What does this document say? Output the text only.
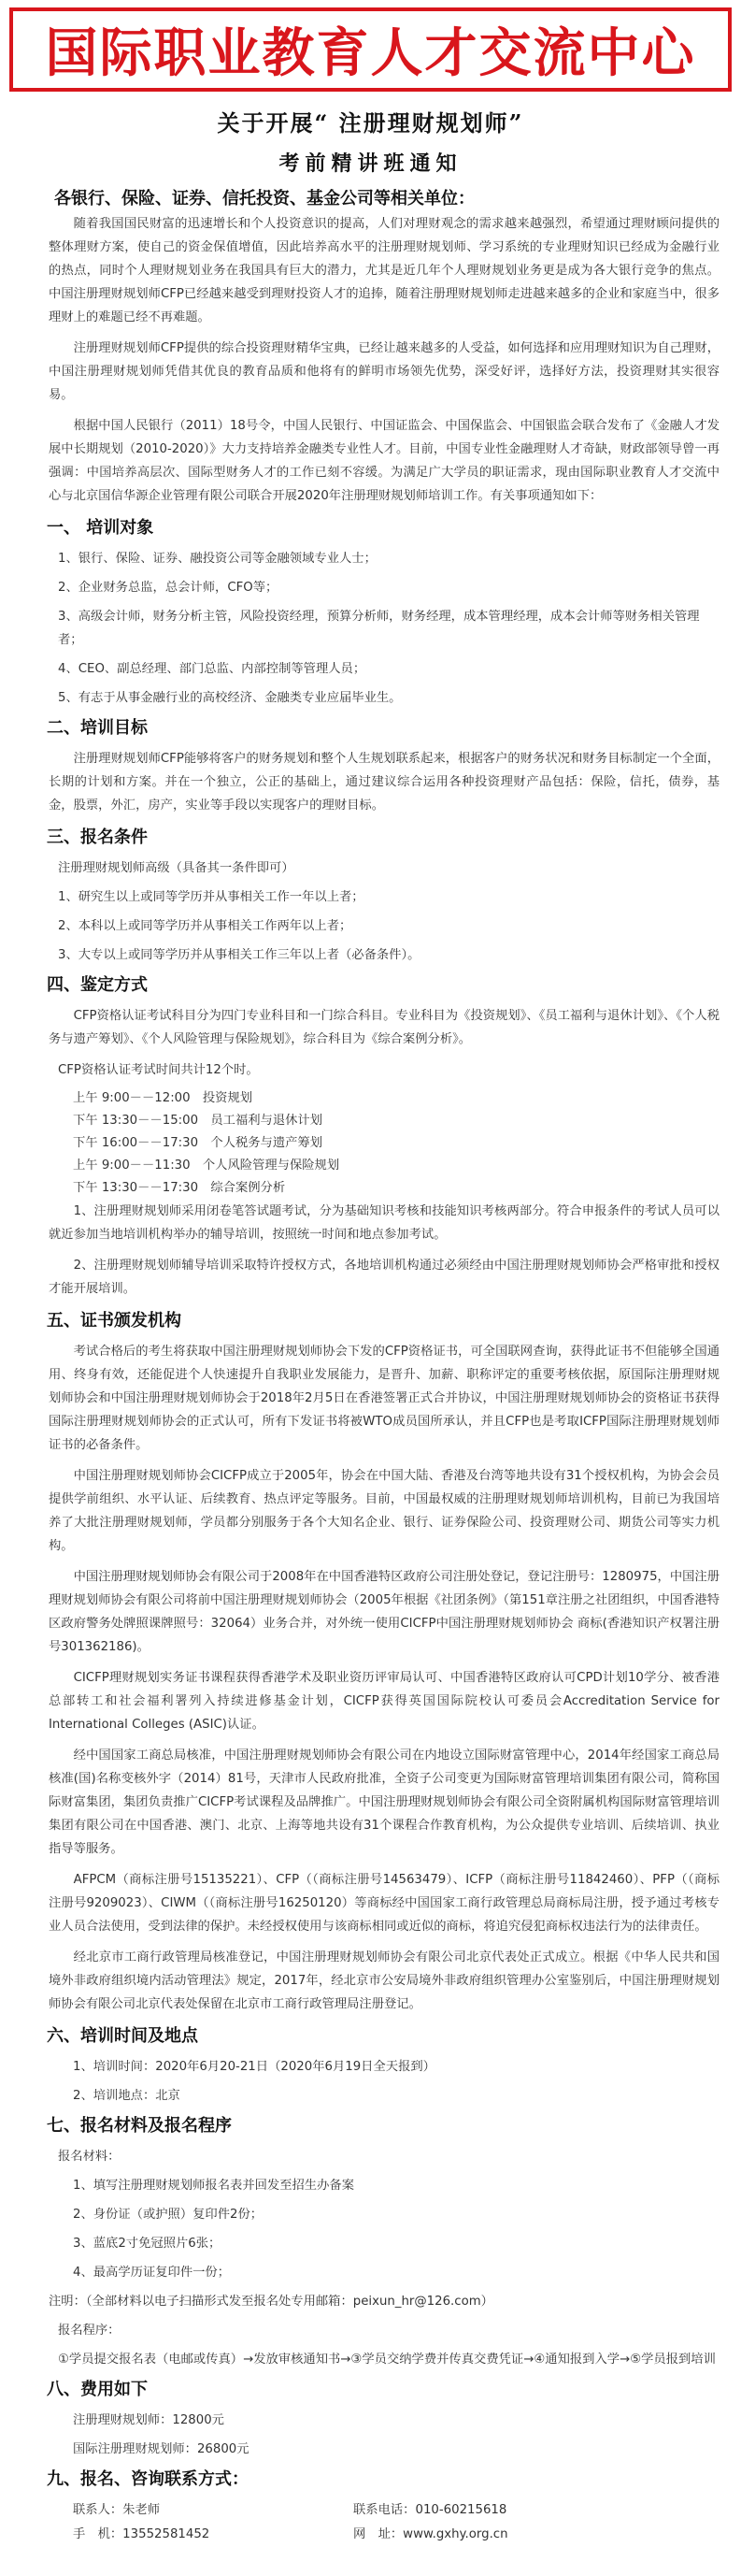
国际职业教育人才交流中心
关于开展“ 注册理财规划师”
考前精讲班通知
各银行、保险、证券、信托投资、基金公司等相关单位：

随着我国国民财富的迅速增长和个人投资意识的提高，人们对理财观念的需求越来越强烈，希望通过理财顾问提供的整体理财方案，使自己的资金保值增值，因此培养高水平的注册理财规划师、学习系统的专业理财知识已经成为金融行业的热点，同时个人理财规划业务在我国具有巨大的潜力，尤其是近几年个人理财规划业务更是成为各大银行竞争的焦点。中国注册理财规划师CFP已经越来越受到理财投资人才的追捧，随着注册理财规划师走进越来越多的企业和家庭当中，很多理财上的难题已经不再难题。

注册理财规划师CFP提供的综合投资理财精华宝典，已经让越来越多的人受益，如何选择和应用理财知识为自己理财，中国注册理财规划师凭借其优良的教育品质和他将有的鲜明市场领先优势，深受好评，选择好方法，投资理财其实很容易。

根据中国人民银行（2011）18号令，中国人民银行、中国证监会、中国保监会、中国银监会联合发布了《金融人才发展中长期规划（2010-2020）》大力支持培养金融类专业性人才。目前，中国专业性金融理财人才奇缺，财政部领导曾一再强调：中国培养高层次、国际型财务人才的工作已刻不容缓。为满足广大学员的职证需求，现由国际职业教育人才交流中心与北京国信华源企业管理有限公司联合开展2020年注册理财规划师培训工作。有关事项通知如下：

一、 培训对象
1、银行、保险、证券、融投资公司等金融领域专业人士；
2、企业财务总监，总会计师，CFO等；
3、高级会计师，财务分析主管，风险投资经理，预算分析师，财务经理，成本管理经理，成本会计师等财务相关管理者；
4、CEO、副总经理、部门总监、内部控制等管理人员；
5、有志于从事金融行业的高校经济、金融类专业应届毕业生。
二、培训目标

注册理财规划师CFP能够将客户的财务规划和整个人生规划联系起来，根据客户的财务状况和财务目标制定一个全面，长期的计划和方案。并在一个独立，公正的基础上，通过建议综合运用各种投资理财产品包括：保险，信托，债券，基金，股票，外汇，房产，实业等手段以实现客户的理财目标。

三、报名条件
注册理财规划师高级（具备其一条件即可）
1、研究生以上或同等学历并从事相关工作一年以上者；
2、本科以上或同等学历并从事相关工作两年以上者；
3、大专以上或同等学历并从事相关工作三年以上者（必备条件）。
四、鉴定方式

CFP资格认证考试科目分为四门专业科目和一门综合科目。专业科目为《投资规划》、《员工福利与退休计划》、《个人税务与遗产筹划》、《个人风险管理与保险规划》，综合科目为《综合案例分析》。

CFP资格认证考试时间共计12个时。
上午 9:00－－12:00　投资规划
下午 13:30－－15:00　员工福利与退休计划
下午 16:00－－17:30　个人税务与遗产筹划
上午 9:00－－11:30　个人风险管理与保险规划
下午 13:30－－17:30　综合案例分析

1、注册理财规划师采用闭卷笔答试题考试，分为基础知识考核和技能知识考核两部分。符合申报条件的考试人员可以就近参加当地培训机构举办的辅导培训，按照统一时间和地点参加考试。

2、注册理财规划师辅导培训采取特许授权方式，各地培训机构通过必须经由中国注册理财规划师协会严格审批和授权才能开展培训。

五、证书颁发机构

考试合格后的考生将获取中国注册理财规划师协会下发的CFP资格证书，可全国联网查询，获得此证书不但能够全国通用、终身有效，还能促进个人快速提升自我职业发展能力，是晋升、加薪、职称评定的重要考核依据，原国际注册理财规划师协会和中国注册理财规划师协会于2018年2月5日在香港签署正式合并协议，中国注册理财规划师协会的资格证书获得国际注册理财规划师协会的正式认可，所有下发证书将被WTO成员国所承认，并且CFP也是考取ICFP国际注册理财规划师证书的必备条件。

中国注册理财规划师协会CICFP成立于2005年，协会在中国大陆、香港及台湾等地共设有31个授权机构，为协会会员提供学前组织、水平认证、后续教育、热点评定等服务。目前，中国最权威的注册理财规划师培训机构，目前已为我国培养了大批注册理财规划师，学员都分别服务于各个大知名企业、银行、证券保险公司、投资理财公司、期货公司等实力机构。

中国注册理财规划师协会有限公司于2008年在中国香港特区政府公司注册处登记，登记注册号：1280975，中国注册理财规划师协会有限公司将前中国注册理财规划师协会（2005年根据《社团条例》（第151章注册之社团组织，中国香港特区政府警务处牌照课牌照号：32064）业务合并，对外统一使用CICFP中国注册理财规划师协会 商标(香港知识产权署注册号301362186)。

CICFP理财规划实务证书课程获得香港学术及职业资历评审局认可、中国香港特区政府认可CPD计划10学分、被香港总部转工和社会福利署列入持续进修基金计划，CICFP获得英国国际院校认可委员会Accreditation Service for International Colleges (ASIC)认证。

经中国国家工商总局核准，中国注册理财规划师协会有限公司在内地设立国际财富管理中心，2014年经国家工商总局核准(国)名称变核外字（2014）81号，天津市人民政府批准，全资子公司变更为国际财富管理培训集团有限公司，简称国际财富集团，集团负责推广CICFP考试课程及品牌推广。中国注册理财规划师协会有限公司全资附属机构国际财富管理培训集团有限公司在中国香港、澳门、北京、上海等地共设有31个课程合作教育机构，为公众提供专业培训、后续培训、执业指导等服务。

AFPCM（商标注册号15135221）、CFP（（商标注册号14563479）、ICFP（商标注册号11842460）、PFP（（商标注册号9209023）、CIWM（（商标注册号16250120）等商标经中国国家工商行政管理总局商标局注册，授予通过考核专业人员合法使用，受到法律的保护。未经授权使用与该商标相同或近似的商标，将追究侵犯商标权违法行为的法律责任。

经北京市工商行政管理局核准登记，中国注册理财规划师协会有限公司北京代表处正式成立。根据《中华人民共和国境外非政府组织境内活动管理法》规定，2017年，经北京市公安局境外非政府组织管理办公室鉴别后，中国注册理财规划师协会有限公司北京代表处保留在北京市工商行政管理局注册登记。

六、培训时间及地点
1、培训时间：2020年6月20-21日（2020年6月19日全天报到）
2、培训地点：北京
七、报名材料及报名程序
报名材料：
1、填写注册理财规划师报名表并回发至招生办备案
2、身份证（或护照）复印件2份；
3、蓝底2寸免冠照片6张；
4、最高学历证复印件一份；
注明：（全部材料以电子扫描形式发至报名处专用邮箱：peixun_hr@126.com）
报名程序：
①学员提交报名表（电邮或传真）→发放审核通知书→③学员交纳学费并传真交费凭证→④通知报到入学→⑤学员报到培训
八、费用如下
注册理财规划师：12800元
国际注册理财规划师：26800元
九、报名、咨询联系方式：
联系人：朱老师	联系电话：010-60215618
手　机：13552581452	网　址：www.gxhy.org.cn
